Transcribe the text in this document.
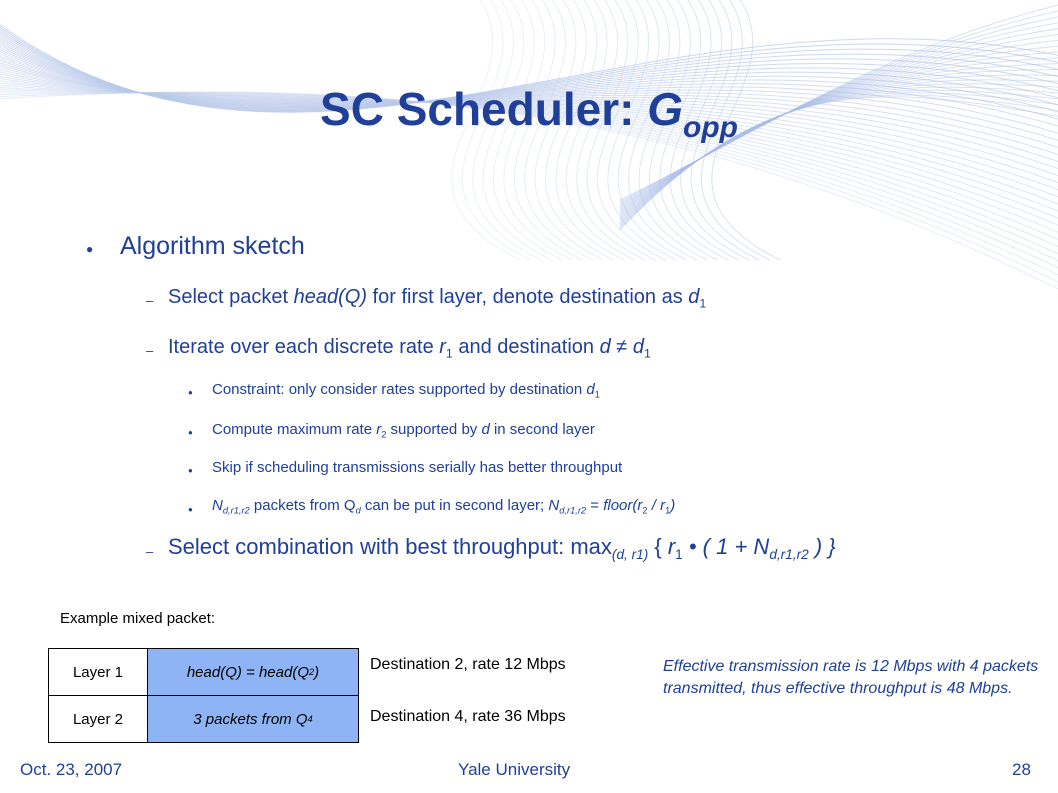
SC Scheduler: $G_{opp}$
● Algorithm sketch
– Select packet head(Q) for first layer, denote destination as $d_1$
– Iterate over each discrete rate $r_1$ and destination $d \ne d_1$
● Constraint: only consider rates supported by destination $d_1$
● Compute maximum rate $r_2$ supported by d in second layer
● Skip if scheduling transmissions serially has better throughput
● $N_{d,r1,r2}$ packets from $Q_d$ can be put in second layer; $N_{d,r1,r2}$ = $floor(r_2 / r_1)$
– Select combination with best throughput: $\max_{(d, r1)}$ { $r_1$ • ( $1 + N_{d,r1,r2}$ ) }
Example mixed packet:
Layer 1	head(Q) = head(Q 2 )
Layer 2	3 packets from Q 4
Destination 2, rate 12 Mbps
Destination 4, rate 36 Mbps
Effective transmission rate is 12 Mbps with 4 packets transmitted, thus effective throughput is 48 Mbps.
Oct. 23, 2007	Yale University	28
